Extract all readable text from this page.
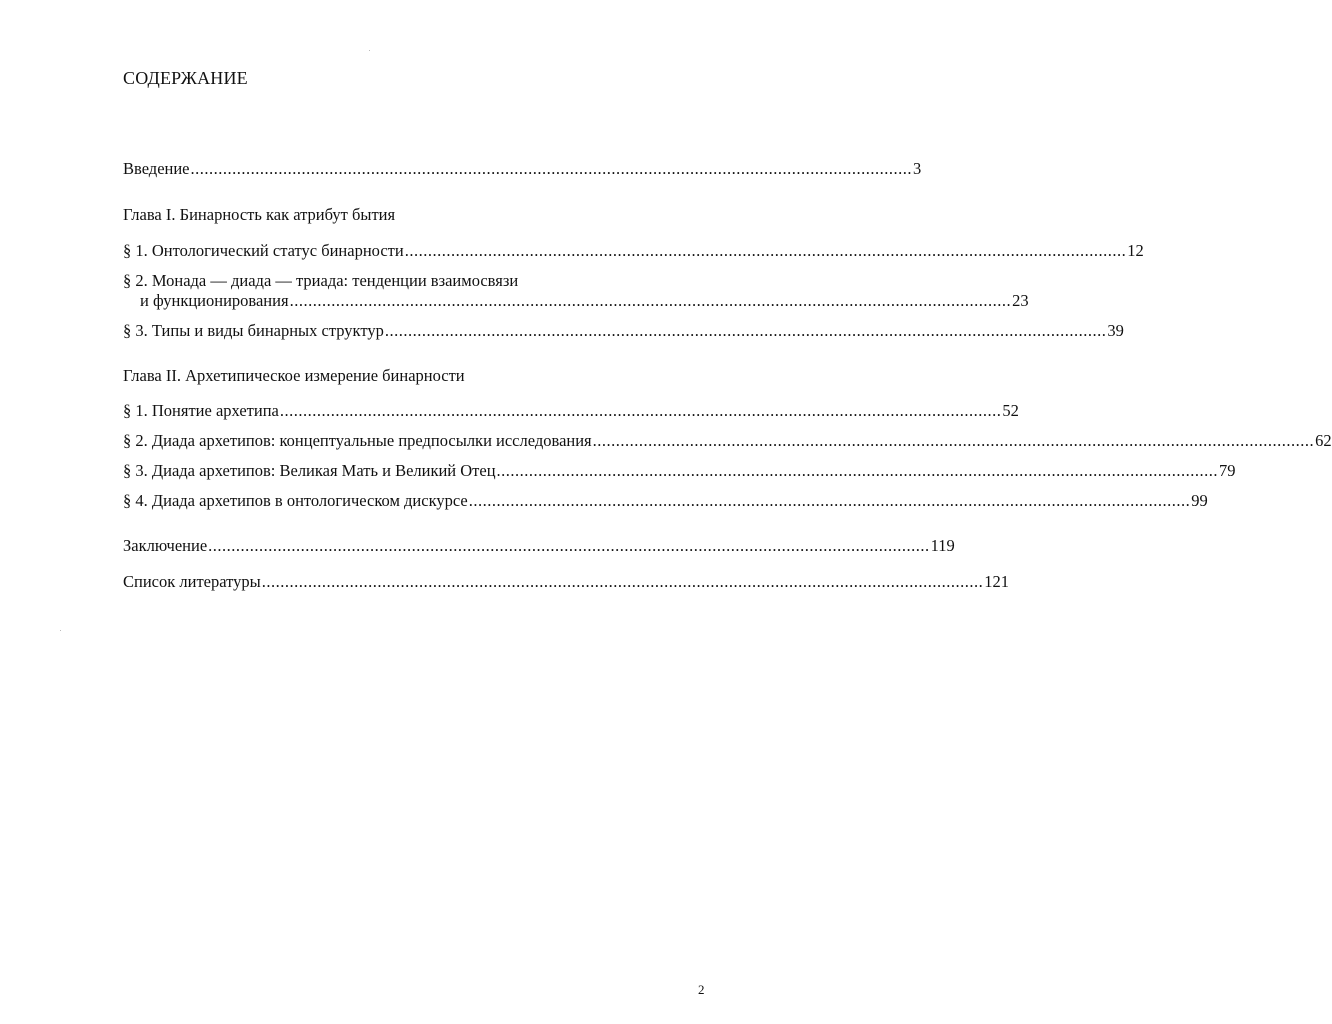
СОДЕРЖАНИЕ
Введение ............................................................................................................................................................ 3
Глава I. Бинарность как атрибут бытия
§ 1. Онтологический статус бинарности ............................................................................................................................................................ 12
§ 2. Монада — диада — триада: тенденции взаимосвязи
и функционирования ............................................................................................................................................................ 23
§ 3. Типы и виды бинарных структур ............................................................................................................................................................ 39
Глава II. Архетипическое измерение бинарности
§ 1. Понятие архетипа ............................................................................................................................................................ 52
§ 2. Диада архетипов: концептуальные предпосылки исследования ............................................................................................................................................................ 62
§ 3. Диада архетипов: Великая Мать и Великий Отец ............................................................................................................................................................ 79
§ 4. Диада архетипов в онтологическом дискурсе ............................................................................................................................................................ 99
Заключение ............................................................................................................................................................ 119
Список литературы ............................................................................................................................................................ 121
2
